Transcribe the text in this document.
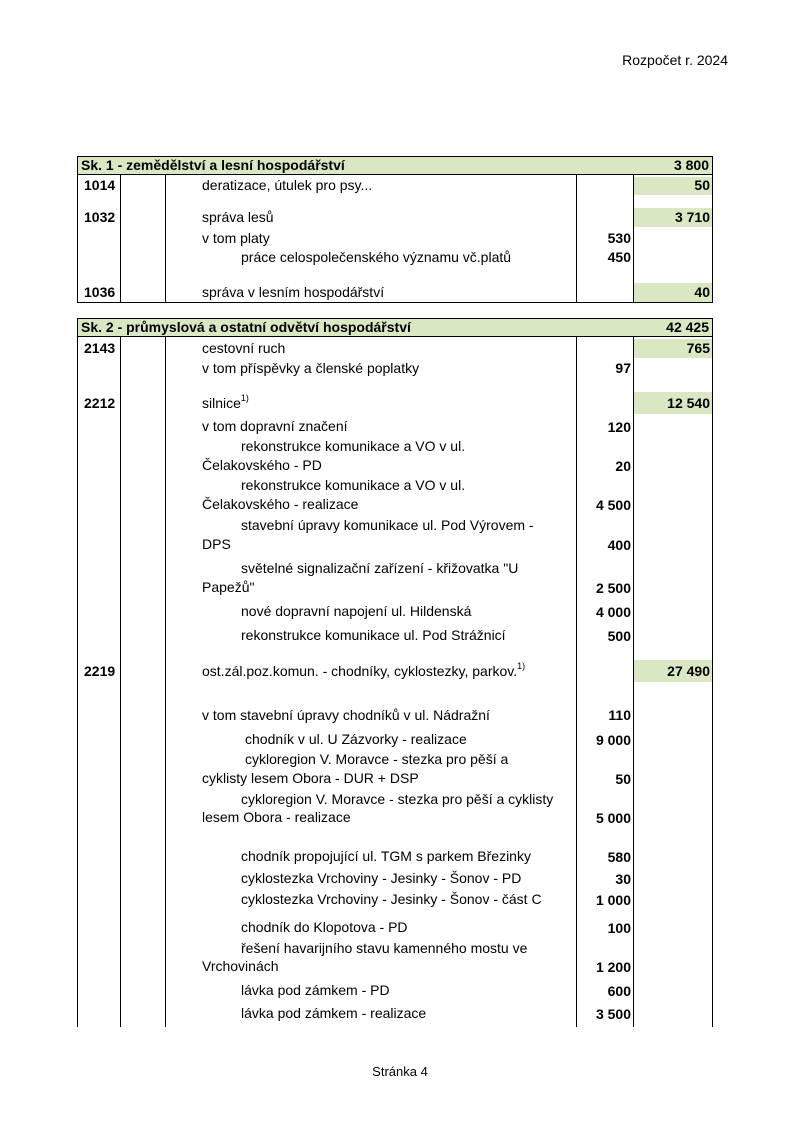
Rozpočet r. 2024
Stránka 4
Sk. 1 - zemědělství a lesní hospodářství	3 800
1014	deratizace, útulek pro psy...	50
1032	správa lesů	3 710
v tom platy	530
práce celospolečenského významu vč.platů	450
1036	správa v lesním hospodářství	40
Sk. 2 - průmyslová a ostatní odvětví hospodářství	42 425
2143	cestovní ruch	765
v tom příspěvky a členské poplatky	97
2212	silnice$^{1)}$	12 540
v tom dopravní značení	120
rekonstrukce komunikace a VO v ul.
Čelakovského - PD	20
rekonstrukce komunikace a VO v ul.
Čelakovského - realizace	4 500
stavební úpravy komunikace ul. Pod Výrovem -
DPS	400
světelné signalizační zařízení - křižovatka "U
Papežů"	2 500
nové dopravní napojení ul. Hildenská	4 000
rekonstrukce komunikace ul. Pod Strážnicí	500
2219	ost.zál.poz.komun. - chodníky, cyklostezky, parkov.$^{1)}$	27 490
v tom stavební úpravy chodníků v ul. Nádražní	110
chodník v ul. U Zázvorky - realizace	9 000
cykloregion V. Moravce - stezka pro pěší a
cyklisty lesem Obora - DUR + DSP	50
cykloregion V. Moravce - stezka pro pěší a cyklisty
lesem Obora - realizace	5 000
chodník propojující ul. TGM s parkem Březinky	580
cyklostezka Vrchoviny - Jesinky - Šonov - PD	30
cyklostezka Vrchoviny - Jesinky - Šonov - část C	1 000
chodník do Klopotova - PD	100
řešení havarijního stavu kamenného mostu ve
Vrchovinách	1 200
lávka pod zámkem - PD	600
lávka pod zámkem - realizace	3 500
